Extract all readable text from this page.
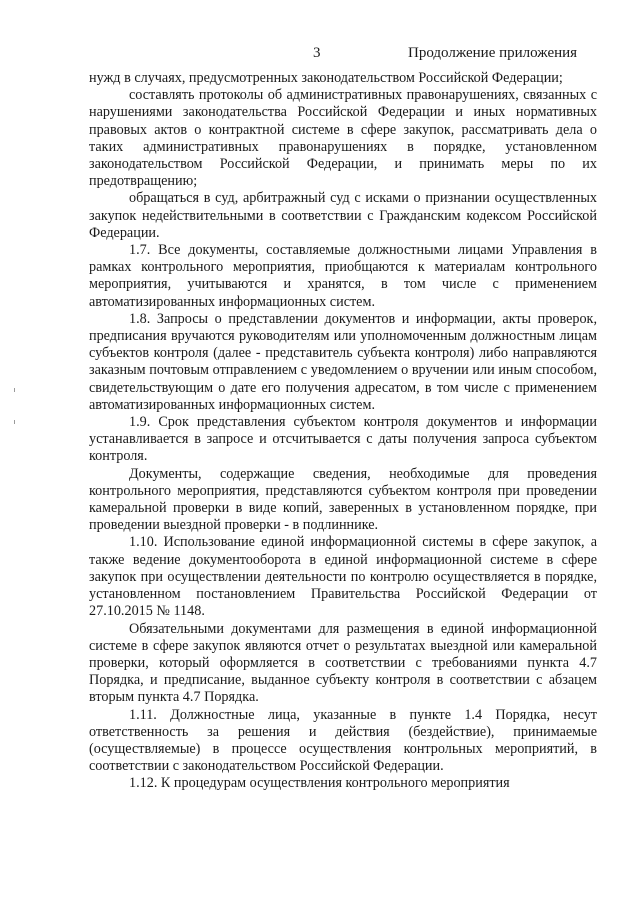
3	Продолжение приложения

нужд в случаях, предусмотренных законодательством Российской Федерации;

составлять протоколы об административных правонарушениях, связанных с нарушениями законодательства Российской Федерации и иных нормативных правовых актов о контрактной системе в сфере закупок, рассматривать дела о таких административных правонарушениях в порядке, установленном законодательством Российской Федерации, и принимать меры по их предотвращению;

обращаться в суд, арбитражный суд с исками о признании осуществленных закупок недействительными в соответствии с Гражданским кодексом Российской Федерации.

1.7. Все документы, составляемые должностными лицами Управления в рамках контрольного мероприятия, приобщаются к материалам контрольного мероприятия, учитываются и хранятся, в том числе с применением автоматизированных информационных систем.

1.8. Запросы о представлении документов и информации, акты проверок, предписания вручаются руководителям или уполномоченным должностным лицам субъектов контроля (далее - представитель субъекта контроля) либо направляются заказным почтовым отправлением с уведомлением о вручении или иным способом, свидетельствующим о дате его получения адресатом, в том числе с применением автоматизированных информационных систем.

1.9. Срок представления субъектом контроля документов и информации устанавливается в запросе и отсчитывается с даты получения запроса субъектом контроля.

Документы, содержащие сведения, необходимые для проведения контрольного мероприятия, представляются субъектом контроля при проведении камеральной проверки в виде копий, заверенных в установленном порядке, при проведении выездной проверки - в подлиннике.

1.10. Использование единой информационной системы в сфере закупок, а также ведение документооборота в единой информационной системе в сфере закупок при осуществлении деятельности по контролю осуществляется в порядке, установленном постановлением Правительства Российской Федерации от 27.10.2015 № 1148.

Обязательными документами для размещения в единой информационной системе в сфере закупок являются отчет о результатах выездной или камеральной проверки, который оформляется в соответствии с требованиями пункта 4.7 Порядка, и предписание, выданное субъекту контроля в соответствии с абзацем вторым пункта 4.7 Порядка.

1.11. Должностные лица, указанные в пункте 1.4 Порядка, несут ответственность за решения и действия (бездействие), принимаемые (осуществляемые) в процессе осуществления контрольных мероприятий, в соответствии с законодательством Российской Федерации.

1.12. К процедурам осуществления контрольного мероприятия
